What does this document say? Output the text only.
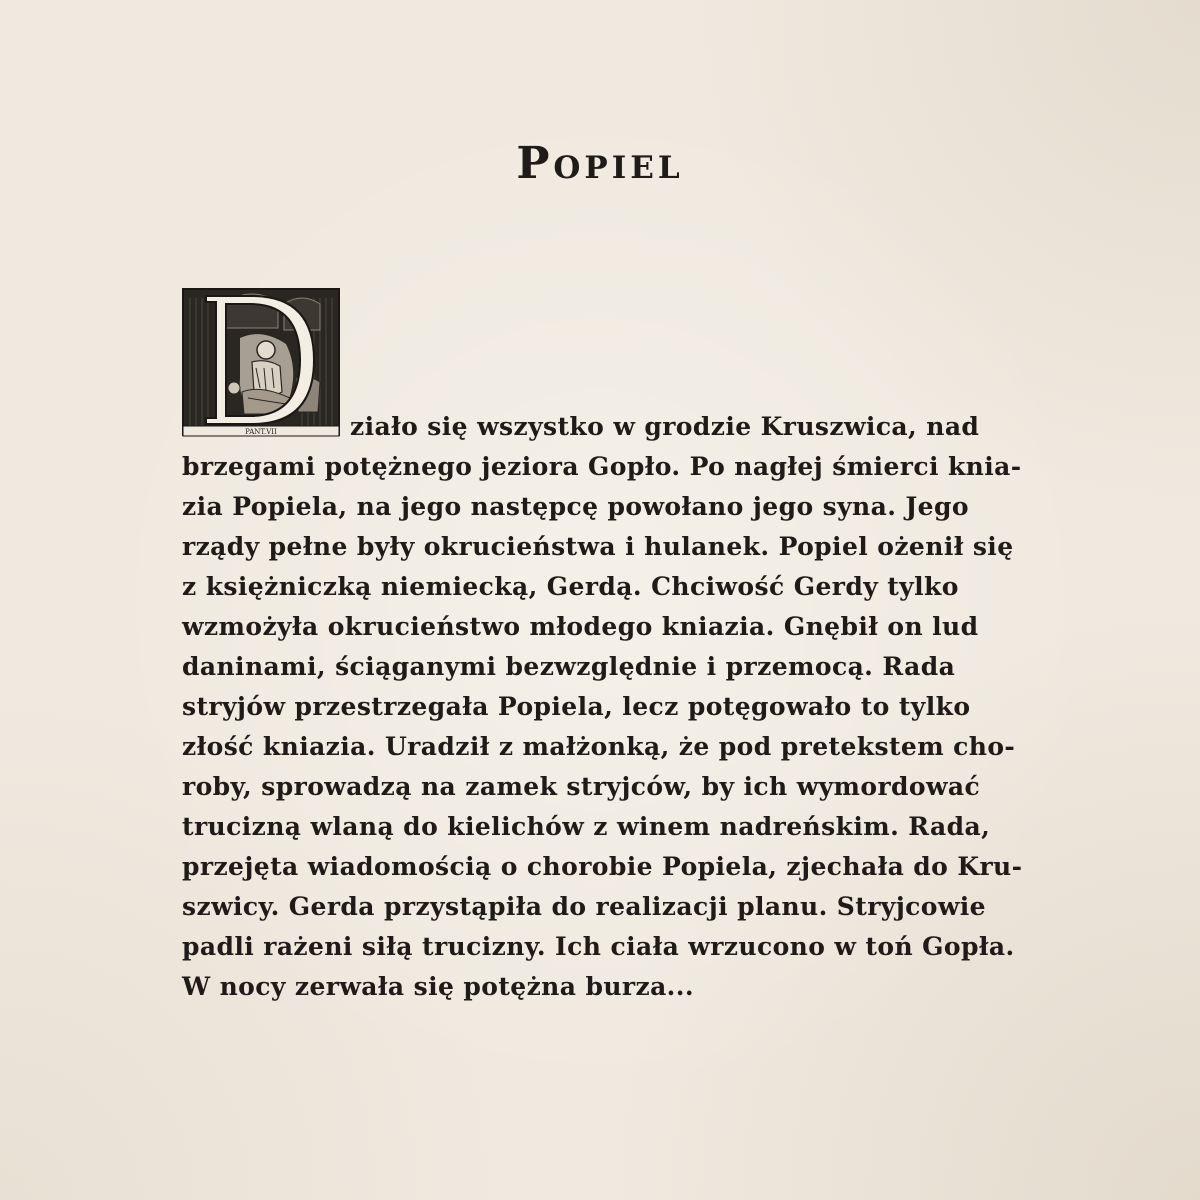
Popiel
PANT.VII	ziało się wszystko w grodzie Kruszwica, nad
brzegami potężnego jeziora Gopło. Po nagłej śmierci knia-
zia Popiela, na jego następcę powołano jego syna. Jego
rządy pełne były okrucieństwa i hulanek. Popiel ożenił się
z księżniczką niemiecką, Gerdą. Chciwość Gerdy tylko
wzmożyła okrucieństwo młodego kniazia. Gnębił on lud
daninami, ściąganymi bezwzględnie i przemocą. Rada
stryjów przestrzegała Popiela, lecz potęgowało to tylko
złość kniazia. Uradził z małżonką, że pod pretekstem cho-
roby, sprowadzą na zamek stryjców, by ich wymordować
trucizną wlaną do kielichów z winem nadreńskim. Rada,
przejęta wiadomością o chorobie Popiela, zjechała do Kru-
szwicy. Gerda przystąpiła do realizacji planu. Stryjcowie
padli rażeni siłą trucizny. Ich ciała wrzucono w toń Gopła.
W nocy zerwała się potężna burza...
